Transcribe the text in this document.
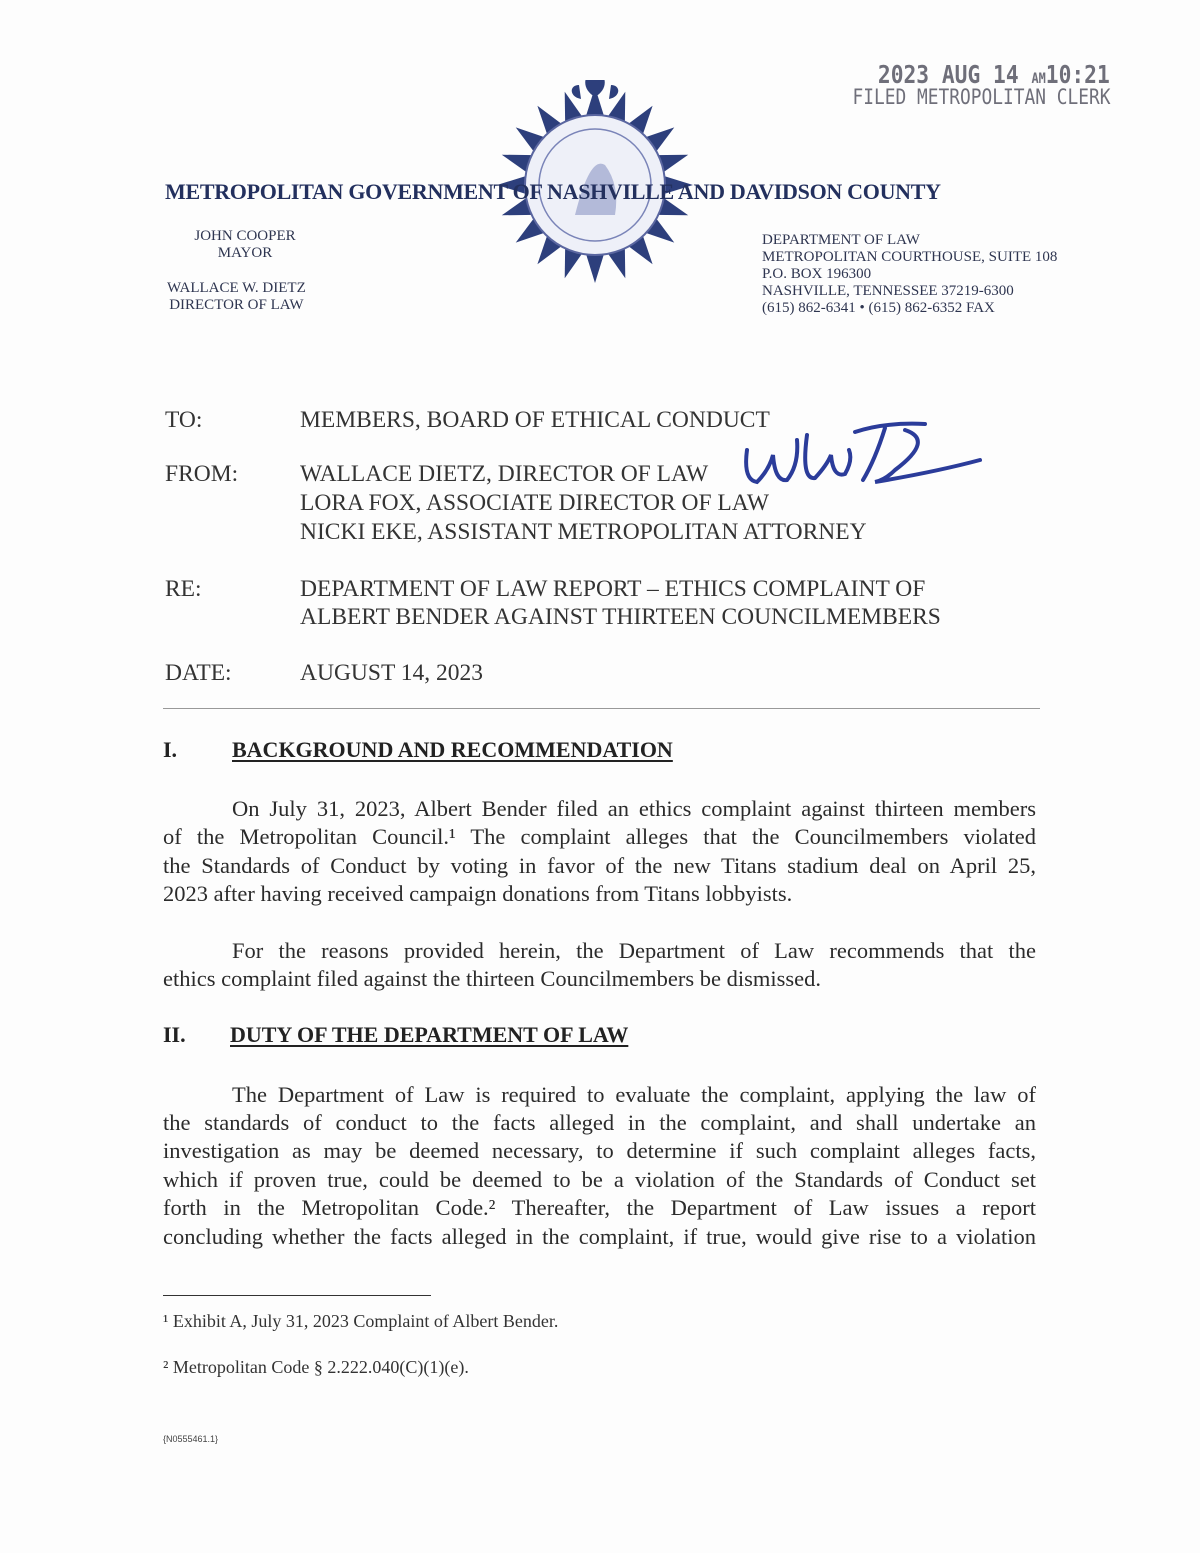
2023 AUG 14 AM10:21
FILED METROPOLITAN CLERK
METROPOLITAN GOVERNMENT OF NASHVILLE AND DAVIDSON COUNTY
JOHN COOPER
MAYOR
WALLACE W. DIETZ
DIRECTOR OF LAW
DEPARTMENT OF LAW
METROPOLITAN COURTHOUSE, SUITE 108
P.O. BOX 196300
NASHVILLE, TENNESSEE 37219-6300
(615) 862-6341 • (615) 862-6352 FAX
TO:	MEMBERS, BOARD OF ETHICAL CONDUCT
FROM:	WALLACE DIETZ, DIRECTOR OF LAW
LORA FOX, ASSOCIATE DIRECTOR OF LAW
NICKI EKE, ASSISTANT METROPOLITAN ATTORNEY
RE:	DEPARTMENT OF LAW REPORT – ETHICS COMPLAINT OF
ALBERT BENDER AGAINST THIRTEEN COUNCILMEMBERS
DATE:	AUGUST 14, 2023
I. BACKGROUND AND RECOMMENDATION
On July 31, 2023, Albert Bender filed an ethics complaint against thirteen members
of the Metropolitan Council.¹ The complaint alleges that the Councilmembers violated
the Standards of Conduct by voting in favor of the new Titans stadium deal on April 25,
2023 after having received campaign donations from Titans lobbyists.
For the reasons provided herein, the Department of Law recommends that the
ethics complaint filed against the thirteen Councilmembers be dismissed.
II. DUTY OF THE DEPARTMENT OF LAW
The Department of Law is required to evaluate the complaint, applying the law of
the standards of conduct to the facts alleged in the complaint, and shall undertake an
investigation as may be deemed necessary, to determine if such complaint alleges facts,
which if proven true, could be deemed to be a violation of the Standards of Conduct set
forth in the Metropolitan Code.² Thereafter, the Department of Law issues a report
concluding whether the facts alleged in the complaint, if true, would give rise to a violation
¹ Exhibit A, July 31, 2023 Complaint of Albert Bender.
² Metropolitan Code § 2.222.040(C)(1)(e).
{N0555461.1}
